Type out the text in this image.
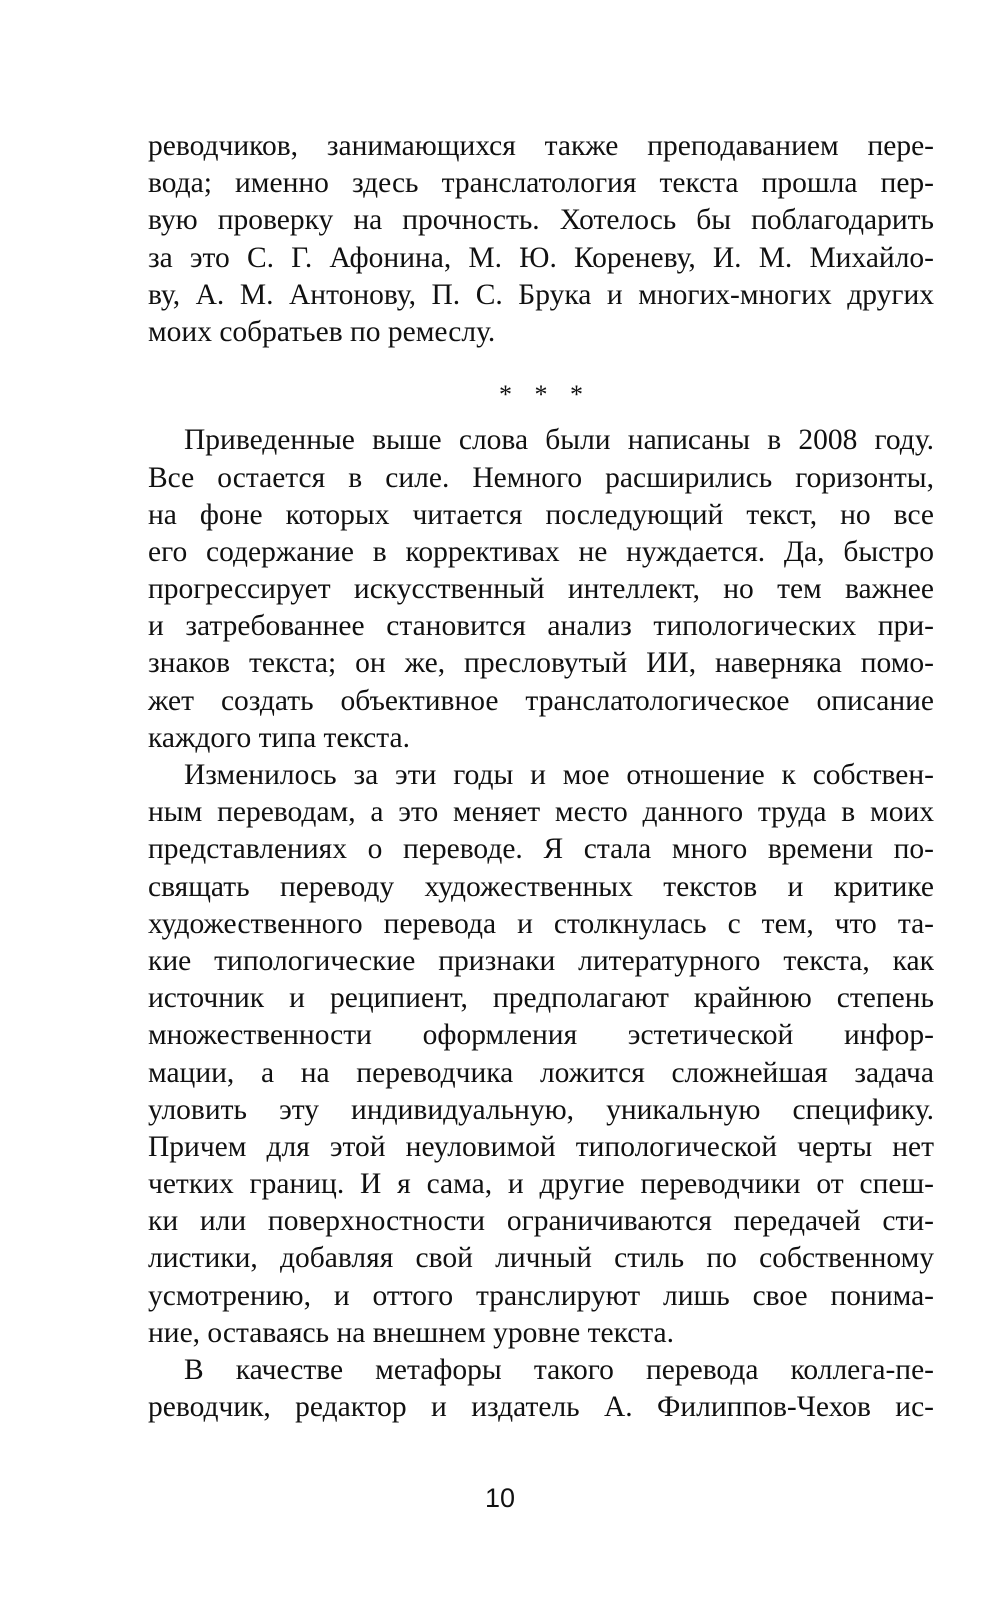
реводчиков, занимающихся также преподаванием пере-
вода; именно здесь транслатология текста прошла пер-
вую проверку на прочность. Хотелось бы поблагодарить
за это С. Г. Афонина, М. Ю. Кореневу, И. М. Михайло-
ву, А. М. Антонову, П. С. Брука и многих-многих других
моих собратьев по ремеслу.
* * *
Приведенные выше слова были написаны в 2008 году.
Все остается в силе. Немного расширились горизонты,
на фоне которых читается последующий текст, но все
его содержание в коррективах не нуждается. Да, быстро
прогрессирует искусственный интеллект, но тем важнее
и затребованнее становится анализ типологических при-
знаков текста; он же, пресловутый ИИ, наверняка помо-
жет создать объективное транслатологическое описание
каждого типа текста.
Изменилось за эти годы и мое отношение к собствен-
ным переводам, а это меняет место данного труда в моих
представлениях о переводе. Я стала много времени по-
свящать переводу художественных текстов и критике
художественного перевода и столкнулась с тем, что та-
кие типологические признаки литературного текста, как
источник и реципиент, предполагают крайнюю степень
множественности оформления эстетической инфор-
мации, а на переводчика ложится сложнейшая задача
уловить эту индивидуальную, уникальную специфику.
Причем для этой неуловимой типологической черты нет
четких границ. И я сама, и другие переводчики от спеш-
ки или поверхностности ограничиваются передачей сти-
листики, добавляя свой личный стиль по собственному
усмотрению, и оттого транслируют лишь свое понима-
ние, оставаясь на внешнем уровне текста.
В качестве метафоры такого перевода коллега-пе-
реводчик, редактор и издатель А. Филиппов-Чехов ис-
10
